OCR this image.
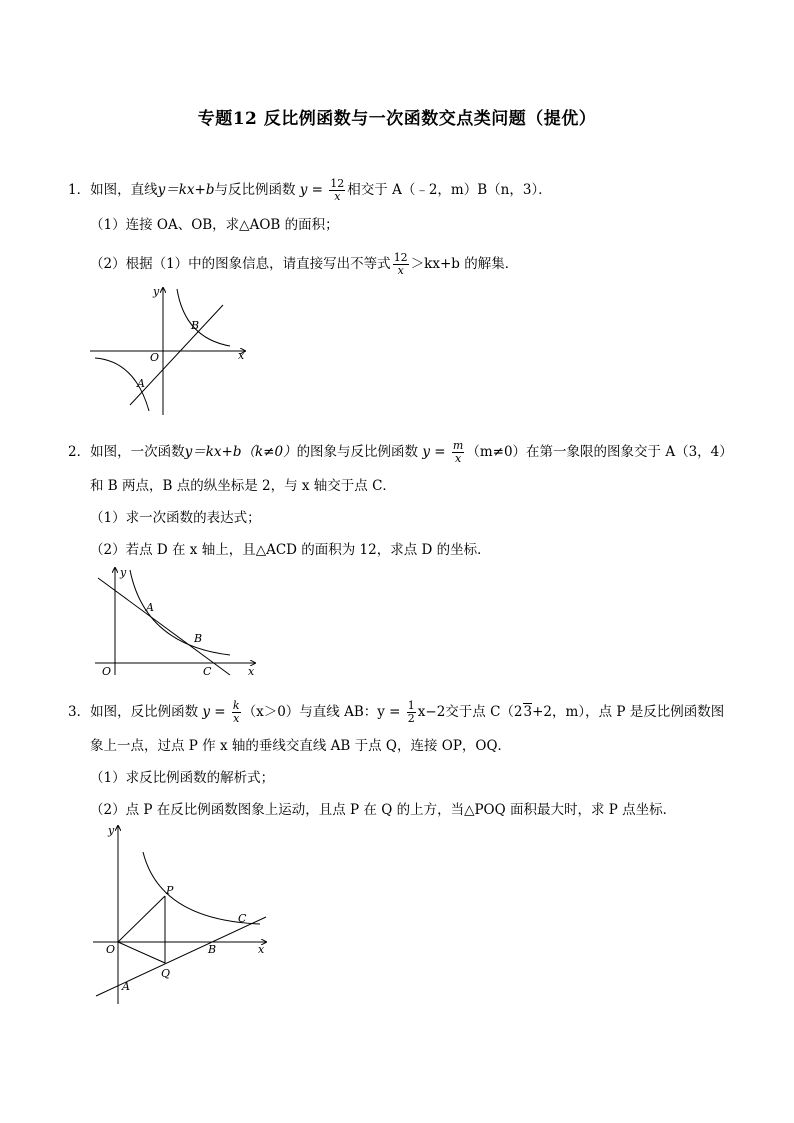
专题12 反比例函数与一次函数交点类问题（提优）
1．如图，直线y＝kx+b与反比例函数 $y = \frac{12}{x}$ 相交于 A（﹣2，m）B（n，3）．
（1）连接 OA、OB，求△AOB 的面积；
（2）根据（1）中的图象信息，请直接写出不等式 $\frac{12}{x} >kx+b$ 的解集．
y
x
O
A
B
2．如图，一次函数y＝kx+b（k≠0）的图象与反比例函数 $y = \frac{m}{x} (m\ne 0)$在第一象限的图象交于 A（3，4）
和 B 两点，B 点的纵坐标是 2，与 x 轴交于点 C．
（1）求一次函数的表达式；
（2）若点 D 在 x 轴上，且△ACD 的面积为 12，求点 D 的坐标．
y
x
O
A
B
C
3．如图，反比例函数 $y = \frac{k}{x} (x>0)$与直线 AB：$y = \frac{1}{2} x-2$交于点 C（23+2，m），点 P 是反比例函数图
象上一点，过点 P 作 x 轴的垂线交直线 AB 于点 Q，连接 OP，OQ．
（1）求反比例函数的解析式；
（2）点 P 在反比例函数图象上运动，且点 P 在 Q 的上方，当△POQ 面积最大时，求 P 点坐标．
y
x
O
A
B
C
P
Q
